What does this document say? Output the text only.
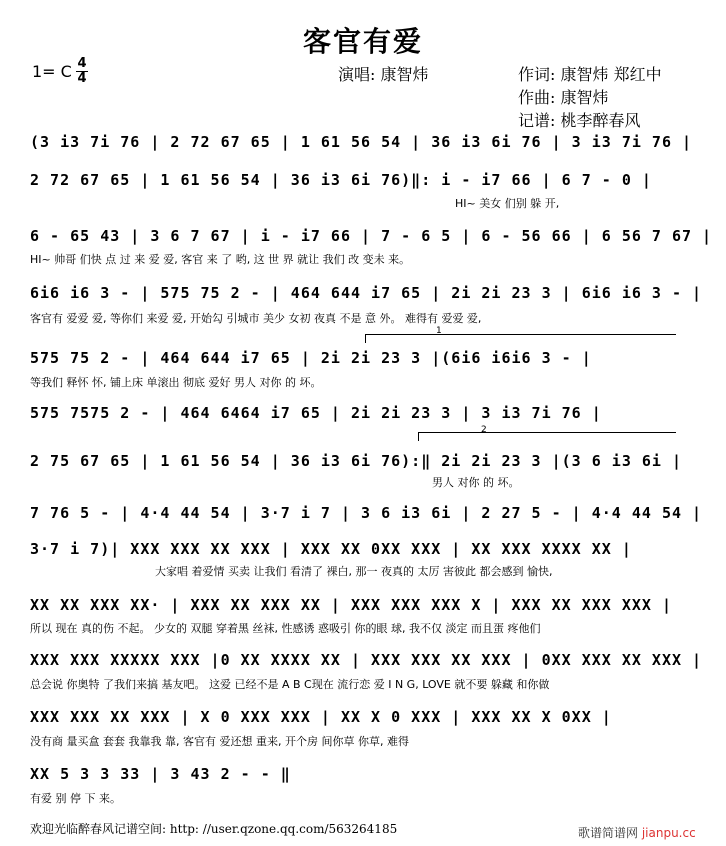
客官有爱
1= C 4
4	演唱: 康智炜	作词: 康智炜 郑红中
作曲: 康智炜
记谱: 桃李醉春风
(3 i3 7i 76 | 2 72 67 65 | 1 61 56 54 | 36 i3 6i 76 | 3 i3 7i 76 |
2 72 67 65 | 1 61 56 54 | 36 i3 6i 76)‖: i - i7 66 | 6 7 - 0 |
HI~ 美女 们别 躲 开,
6 - 65 43 | 3 6 7 67 | i - i7 66 | 7 - 6 5 | 6 - 56 66 | 6 56 7 67 |
HI~ 帅哥 们快 点 过 来 爱 爱, 客官 来 了 哟, 这 世 界 就让 我们 改 变未 来。
6i6 i6 3 - | 575 75 2 - | 464 644 i7 65 | 2i 2i 23 3 | 6i6 i6 3 - |
客官有 爱爱 爱, 等你们 来爱 爱, 开始勾 引城市 美少 女初 夜真 不是 意 外。 难得有 爱爱 爱,
1
575 75 2 - | 464 644 i7 65 | 2i 2i 23 3 |(6i6 i6i6 3 - |
等我们 释怀 怀, 铺上床 单滚出 彻底 爱好 男人 对你 的 坏。
575 7575 2 - | 464 6464 i7 65 | 2i 2i 23 3 | 3 i3 7i 76 |
2
2 75 67 65 | 1 61 56 54 | 36 i3 6i 76):‖ 2i 2i 23 3 |(3 6 i3 6i |
男人 对你 的 坏。
7 76 5 - | 4·4 44 54 | 3·7 i 7 | 3 6 i3 6i | 2 27 5 - | 4·4 44 54 |
3·7 i 7)| XXX XXX XX XXX | XXX XX 0XX XXX | XX XXX XXXX XX |
大家唱 着爱情 买卖 让我们 看清了 裸白, 那一 夜真的 太厉 害彼此 都会感到 愉快,
XX XX XXX XX· | XXX XX XXX XX | XXX XXX XXX X | XXX XX XXX XXX |
所以 现在 真的伤 不起。 少女的 双腿 穿着黑 丝袜, 性感诱 惑吸引 你的眼 球, 我不仅 淡定 而且蛋 疼他们
XXX XXX XXXXX XXX |0 XX XXXX XX | XXX XXX XX XXX | 0XX XXX XX XXX |
总会说 你奥特 了我们来搞 基友吧。 这爱 已经不是 A B C现在 流行恋 爱 I N G, LOVE 就不要 躲藏 和你做
XXX XXX XX XXX | X 0 XXX XXX | XX X 0 XXX | XXX XX X 0XX |
没有商 量买盒 套套 我靠我 靠, 客官有 爱还想 重来, 开个房 间你草 你草, 难得
XX 5 3 3 33 | 3 43 2 - - ‖
有爱 别 停 下 来。
欢迎光临醉春风记谱空间: http: //user.qzone.qq.com/563264185	歌谱简谱网 jianpu.cc
